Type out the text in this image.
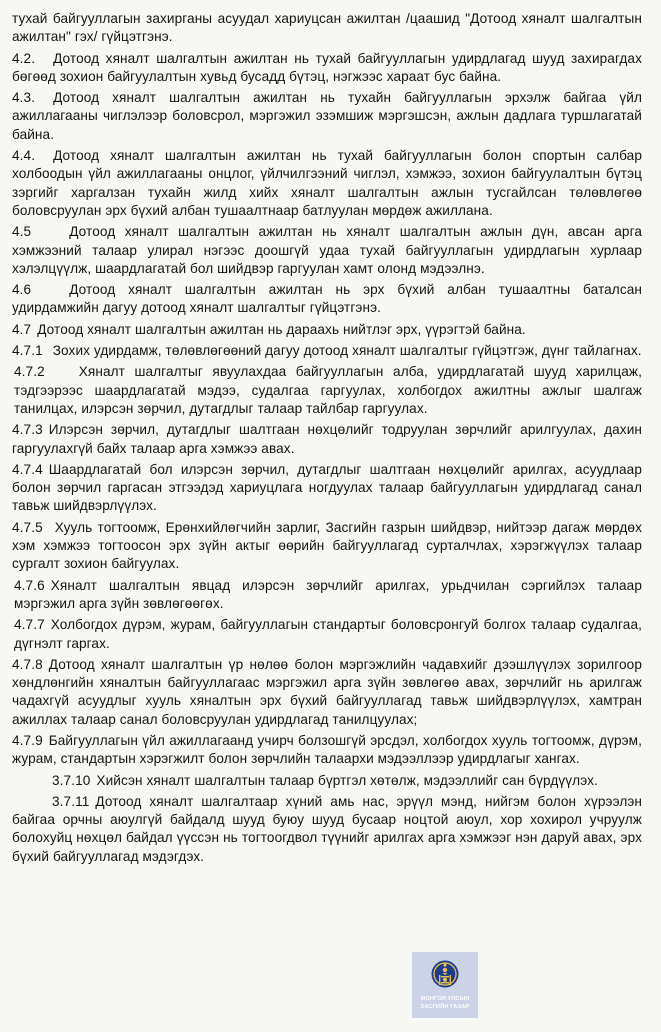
тухай байгууллагын захирганы асуудал хариуцсан ажилтан /цаашид "Дотоод хяналт шалгалтын ажилтан" гэх/ гүйцэтгэнэ.

4.2. Дотоод хяналт шалгалтын ажилтан нь тухай байгууллагын удирдлагад шууд захирагдах бөгөөд зохион байгуулалтын хувьд бусадд бүтэц, нэгжээс хараат бус байна.

4.3. Дотоод хяналт шалгалтын ажилтан нь тухайн байгууллагын эрхэлж байгаа үйл ажиллагааны чиглэлээр боловсрол, мэргэжил эзэмшиж мэргэшсэн, ажлын дадлага туршлагатай байна.

4.4. Дотоод хяналт шалгалтын ажилтан нь тухай байгууллагын болон спортын салбар холбоодын үйл ажиллагааны онцлог, үйлчилгээний чиглэл, хэмжээ, зохион байгуулалтын бүтэц зэргийг харгалзан тухайн жилд хийх хяналт шалгалтын ажлын тусгайлсан төлөвлөгөө боловсруулан эрх бүхий албан тушаалтнаар батлуулан мөрдөж ажиллана.

4.5	Дотоод хяналт шалгалтын ажилтан нь хяналт шалгалтын ажлын дүн, авсан арга хэмжээний талаар улирал нэгээс доошгүй удаа тухай байгууллагын удирдлагын хурлаар хэлэлцүүлж, шаардлагатай бол шийдвэр гаргуулан хамт олонд мэдээлнэ.

4.6	Дотоод хяналт шалгалтын ажилтан нь эрх бүхий албан тушаалтны баталсан удирдамжийн дагуу дотоод хяналт шалгалтыг гүйцэтгэнэ.

4.7 Дотоод хяналт шалгалтын ажилтан нь дараахь нийтлэг эрх, үүрэгтэй байна.

4.7.1 Зохих удирдамж, төлөвлөгөөний дагуу дотоод хяналт шалгалтыг гүйцэтгэж, дүнг тайлагнах.

4.7.2	Хяналт шалгалтыг явуулахдаа байгууллагын алба, удирдлагатай шууд харилцаж, тэдгээрээс шаардлагатай мэдээ, судалгаа гаргуулах, холбогдох ажилтны ажлыг шалгаж танилцах, илэрсэн зөрчил, дутагдлыг талаар тайлбар гаргуулах.

4.7.3 Илэрсэн зөрчил, дутагдлыг шалтгаан нөхцөлийг тодруулан зөрчлийг арилгуулах, дахин гаргуулахгүй байх талаар арга хэмжээ авах.

4.7.4 Шаардлагатай бол илэрсэн зөрчил, дутагдлыг шалтгаан нөхцөлийг арилгах, асуудлаар болон зөрчил гаргасан этгээдэд хариуцлага ногдуулах талаар байгууллагын удирдлагад санал тавьж шийдвэрлүүлэх.

4.7.5 Хууль тогтоомж, Ерөнхийлөгчийн зарлиг, Засгийн газрын шийдвэр, нийтээр дагаж мөрдөх хэм хэмжээ тогтоосон эрх зүйн актыг өөрийн байгууллагад сурталчлах, хэрэгжүүлэх талаар сургалт зохион байгуулах.

4.7.6 Хяналт шалгалтын явцад илэрсэн зөрчлийг арилгах, урьдчилан сэргийлэх талаар мэргэжил арга зүйн зөвлөгөөгөх.

4.7.7 Холбогдох дүрэм, журам, байгууллагын стандартыг боловсронгуй болгох талаар судалгаа, дүгнэлт гаргах.

4.7.8 Дотоод хяналт шалгалтын үр нөлөө болон мэргэжлийн чадавхийг дээшлүүлэх зорилгоор хөндлөнгийн хяналтын байгууллагаас мэргэжил арга зүйн зөвлөгөө авах, зөрчлийг нь арилгаж чадахгүй асуудлыг хууль хяналтын эрх бүхий байгууллагад тавьж шийдвэрлүүлэх, хамтран ажиллах талаар санал боловсруулан удирдлагад танилцуулах;

4.7.9 Байгууллагын үйл ажиллагаанд учирч болзошгүй эрсдэл, холбогдох хууль тогтоомж, дүрэм, журам, стандартын хэрэгжилт болон зөрчлийн талаархи мэдээллээр удирдлагыг хангах.

3.7.10 Хийсэн хяналт шалгалтын талаар бүртгэл хөтөлж, мэдээллийг сан бүрдүүлэх.

3.7.11 Дотоод хяналт шалгалтаар хүний амь нас, эрүүл мэнд, нийгэм болон хүрээлэн байгаа орчны аюулгүй байдалд шууд буюу шууд бусаар ноцтой аюул, хор хохирол учруулж болохуйц нөхцөл байдал үүссэн нь тогтоогдвол түүнийг арилгах арга хэмжээг нэн даруй авах, эрх бүхий байгууллагад мэдэгдэх.

МОНГОЛ УЛСЫН
ЗАСГИЙН ГАЗАР
